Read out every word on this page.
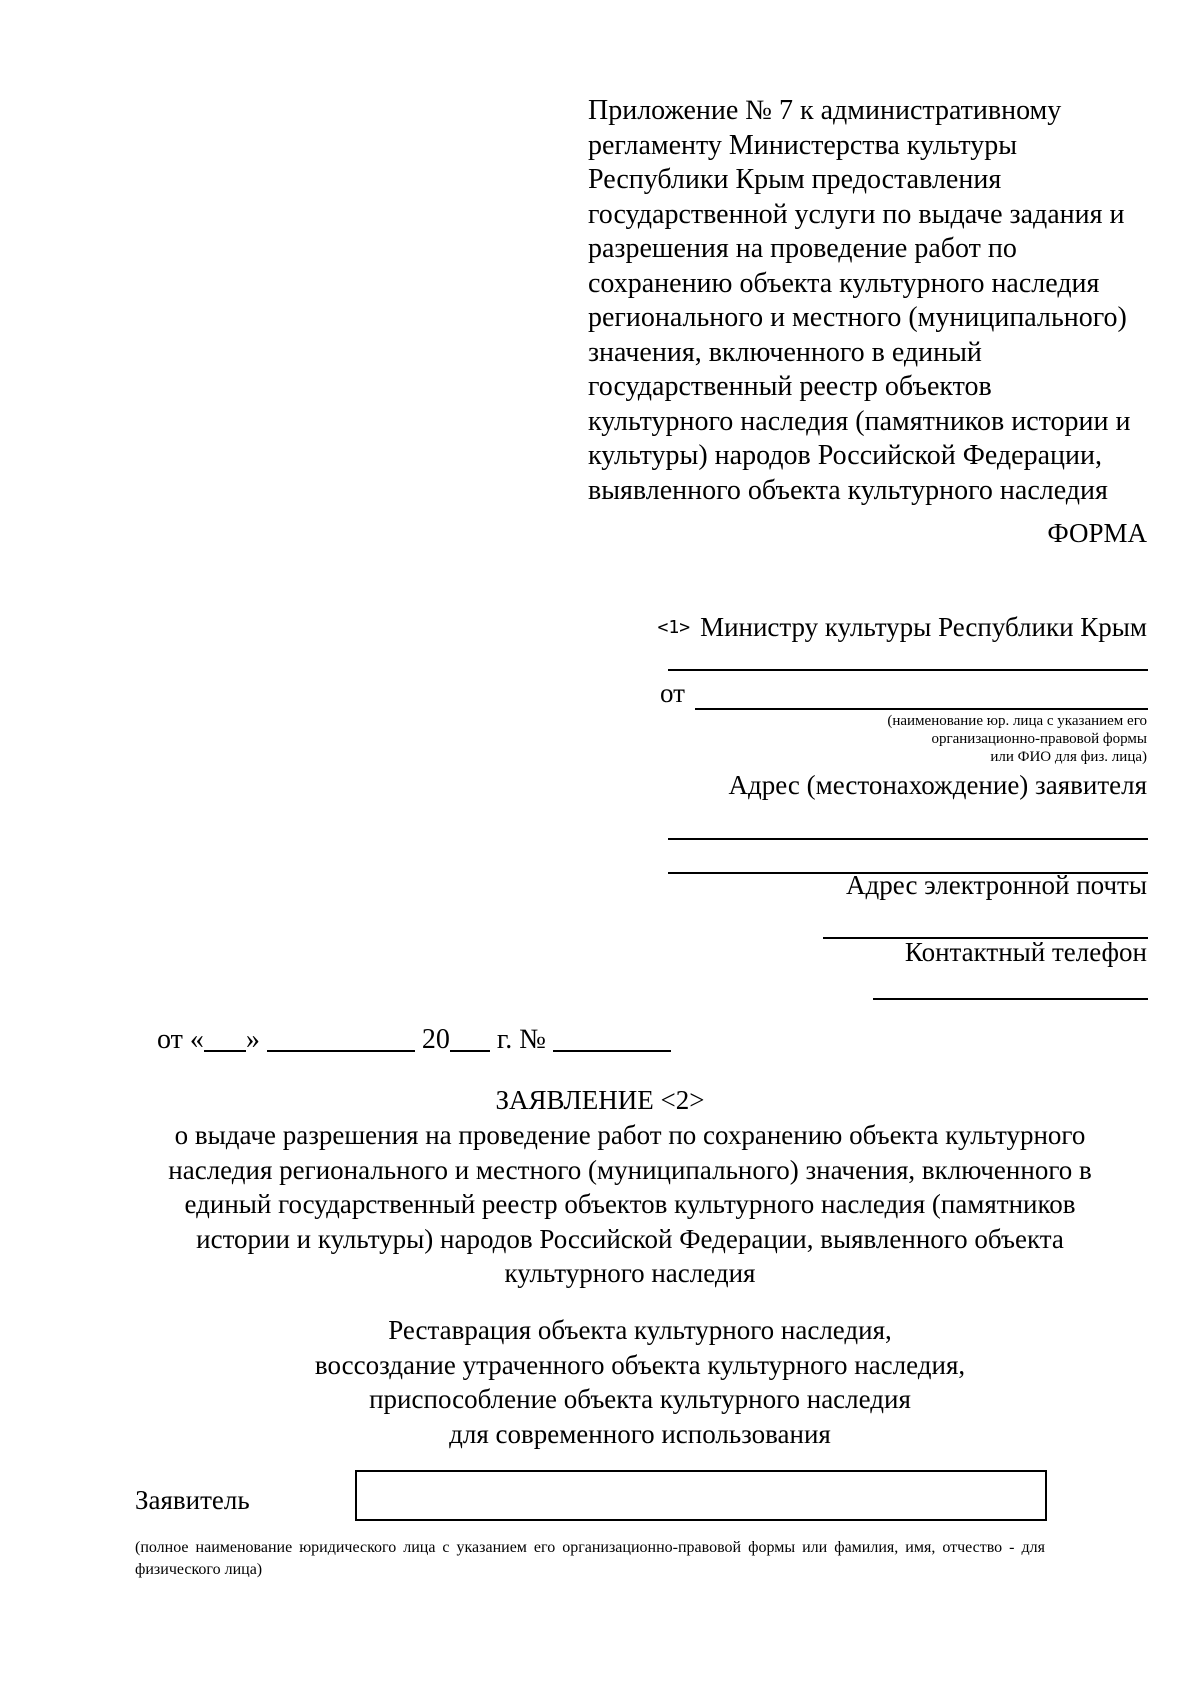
Приложение № 7 к административному
регламенту Министерства культуры
Республики Крым предоставления
государственной услуги по выдаче задания и
разрешения на проведение работ по
сохранению объекта культурного наследия
регионального и местного (муниципального)
значения, включенного в единый
государственный реестр объектов
культурного наследия (памятников истории и
культуры) народов Российской Федерации,
выявленного объекта культурного наследия
ФОРМА
<1> Министру культуры Республики Крым
от
(наименование юр. лица с указанием его
организационно-правовой формы
или ФИО для физ. лица)
Адрес (местонахождение) заявителя
Адрес электронной почты
Контактный телефон
от « »	20 г. №
ЗАЯВЛЕНИЕ <2>
о выдаче разрешения на проведение работ по сохранению объекта культурного
наследия регионального и местного (муниципального) значения, включенного в
единый государственный реестр объектов культурного наследия (памятников
истории и культуры) народов Российской Федерации, выявленного объекта
культурного наследия
Реставрация объекта культурного наследия,
воссоздание утраченного объекта культурного наследия,
приспособление объекта культурного наследия
для современного использования
Заявитель
(полное наименование юридического лица с указанием его организационно-правовой формы или фамилия, имя, отчество - для физического лица)
